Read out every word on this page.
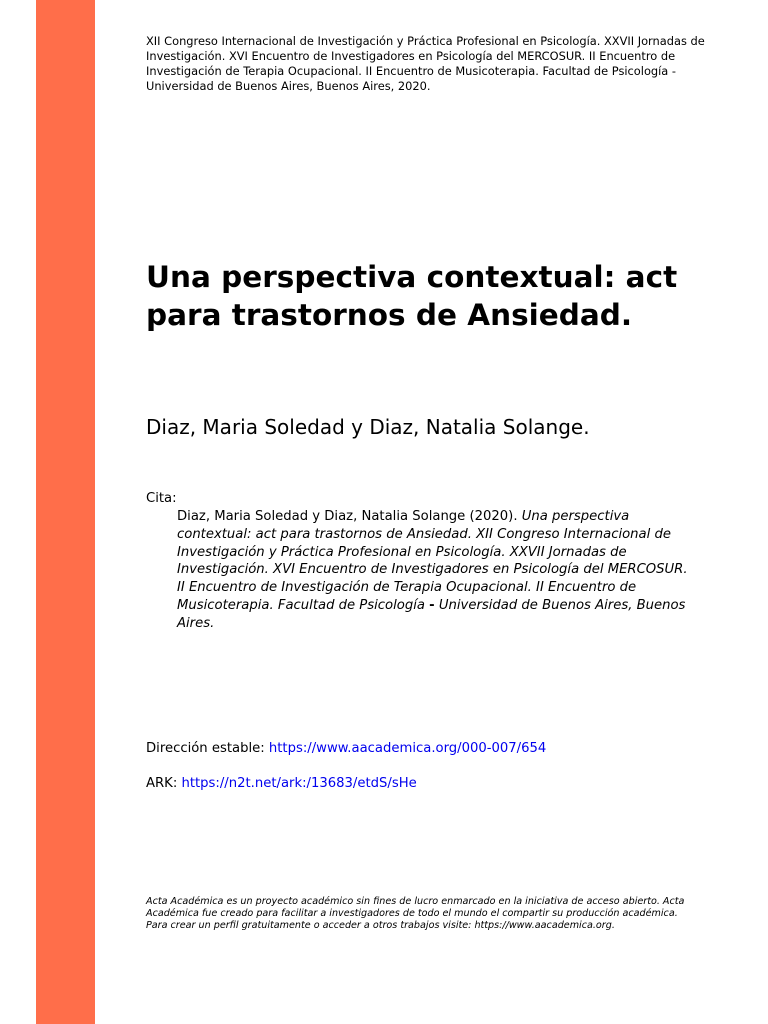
XII Congreso Internacional de Investigación y Práctica Profesional en Psicología. XXVII Jornadas de Investigación. XVI Encuentro de Investigadores en Psicología del MERCOSUR. II Encuentro de Investigación de Terapia Ocupacional. II Encuentro de Musicoterapia. Facultad de Psicología - Universidad de Buenos Aires, Buenos Aires, 2020.
Una perspectiva contextual: act para trastornos de Ansiedad.
Diaz, Maria Soledad y Diaz, Natalia Solange.
Cita:
Diaz, Maria Soledad y Diaz, Natalia Solange (2020). Una perspectiva contextual: act para trastornos de Ansiedad. XII Congreso Internacional de Investigación y Práctica Profesional en Psicología. XXVII Jornadas de Investigación. XVI Encuentro de Investigadores en Psicología del MERCOSUR. II Encuentro de Investigación de Terapia Ocupacional. II Encuentro de Musicoterapia. Facultad de Psicología - Universidad de Buenos Aires, Buenos Aires.
Dirección estable: https://www.aacademica.org/000-007/654
ARK: https://n2t.net/ark:/13683/etdS/sHe
Acta Académica es un proyecto académico sin fines de lucro enmarcado en la iniciativa de acceso abierto. Acta Académica fue creado para facilitar a investigadores de todo el mundo el compartir su producción académica. Para crear un perfil gratuitamente o acceder a otros trabajos visite: https://www.aacademica.org.
